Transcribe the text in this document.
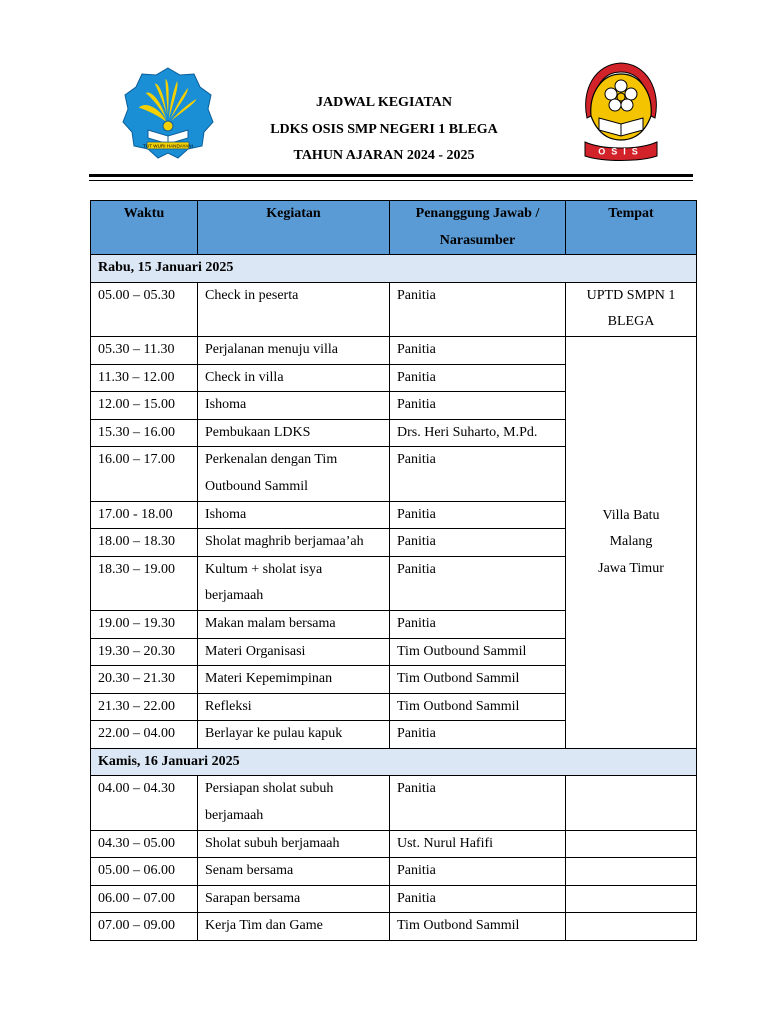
TUT WURI HANDAYANI
JADWAL KEGIATAN
LDKS OSIS SMP NEGERI 1 BLEGA
TAHUN AJARAN 2024 - 2025	OSIS
Waktu	Kegiatan	Penanggung Jawab /
Narasumber	Tempat
Rabu, 15 Januari 2025			
05.00 – 05.30	Check in peserta	Panitia	UPTD SMPN 1
BLEGA
05.30 – 11.30	Perjalanan menuju villa	Panitia	Villa Batu
Malang
Jawa Timur
11.30 – 12.00	Check in villa	Panitia	
12.00 – 15.00	Ishoma	Panitia	
15.30 – 16.00	Pembukaan LDKS	Drs. Heri Suharto, M.Pd.	
16.00 – 17.00	Perkenalan dengan Tim
Outbound Sammil	Panitia	
17.00 - 18.00	Ishoma	Panitia	
18.00 – 18.30	Sholat maghrib berjamaa’ah	Panitia	
18.30 – 19.00	Kultum + sholat isya
berjamaah	Panitia	
19.00 – 19.30	Makan malam bersama	Panitia	
19.30 – 20.30	Materi Organisasi	Tim Outbound Sammil	
20.30 – 21.30	Materi Kepemimpinan	Tim Outbond Sammil	
21.30 – 22.00	Refleksi	Tim Outbond Sammil	
22.00 – 04.00	Berlayar ke pulau kapuk	Panitia	
Kamis, 16 Januari 2025			
04.00 – 04.30	Persiapan sholat subuh
berjamaah	Panitia	
04.30 – 05.00	Sholat subuh berjamaah	Ust. Nurul Hafifi	
05.00 – 06.00	Senam bersama	Panitia	
06.00 – 07.00	Sarapan bersama	Panitia	
07.00 – 09.00	Kerja Tim dan Game	Tim Outbond Sammil	
